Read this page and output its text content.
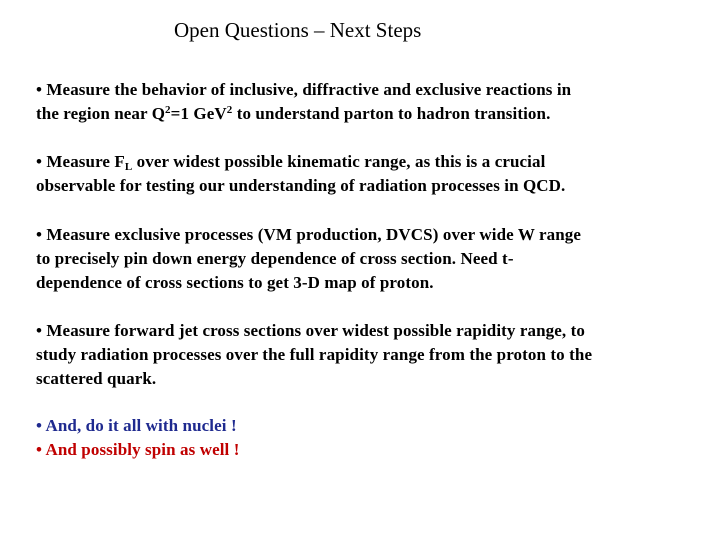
Open Questions – Next Steps
• Measure the behavior of inclusive, diffractive and exclusive reactions in
the region near $Q^2=1$ GeV$^2$ to understand parton to hadron transition.
• Measure $F_L$ over widest possible kinematic range, as this is a crucial
observable for testing our understanding of radiation processes in QCD.
• Measure exclusive processes (VM production, DVCS) over wide W range
to precisely pin down energy dependence of cross section. Need t-
dependence of cross sections to get 3-D map of proton.
• Measure forward jet cross sections over widest possible rapidity range, to
study radiation processes over the full rapidity range from the proton to the
scattered quark.
• And, do it all with nuclei !
• And possibly spin as well !
